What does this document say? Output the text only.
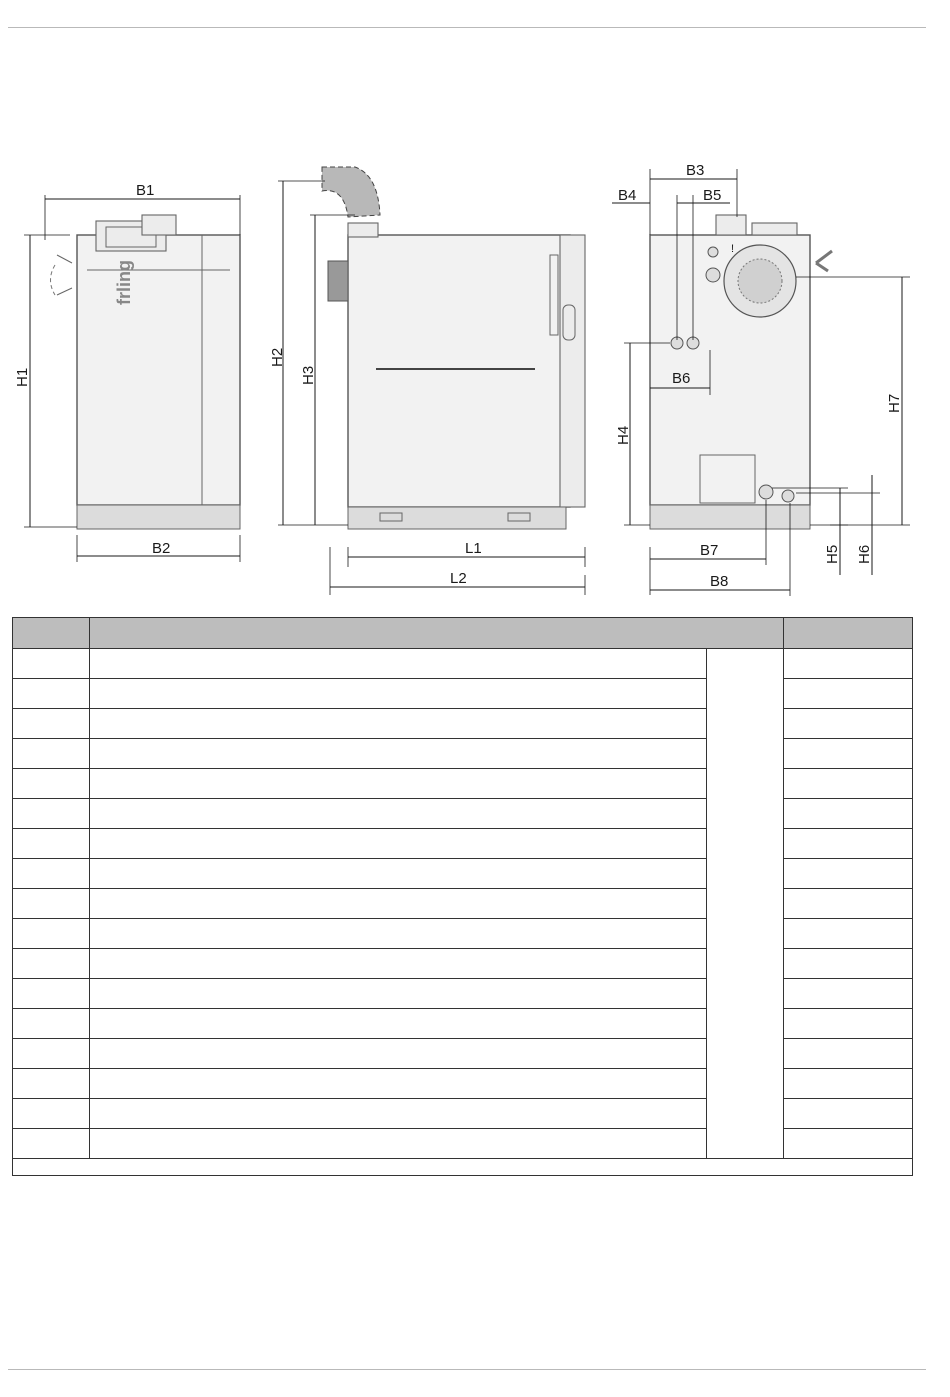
frling
B1
H1
B2
H2
H3
L1
L2
!
B3
B4	B5
B6
H4
H7
H5 H6
B7
B8
